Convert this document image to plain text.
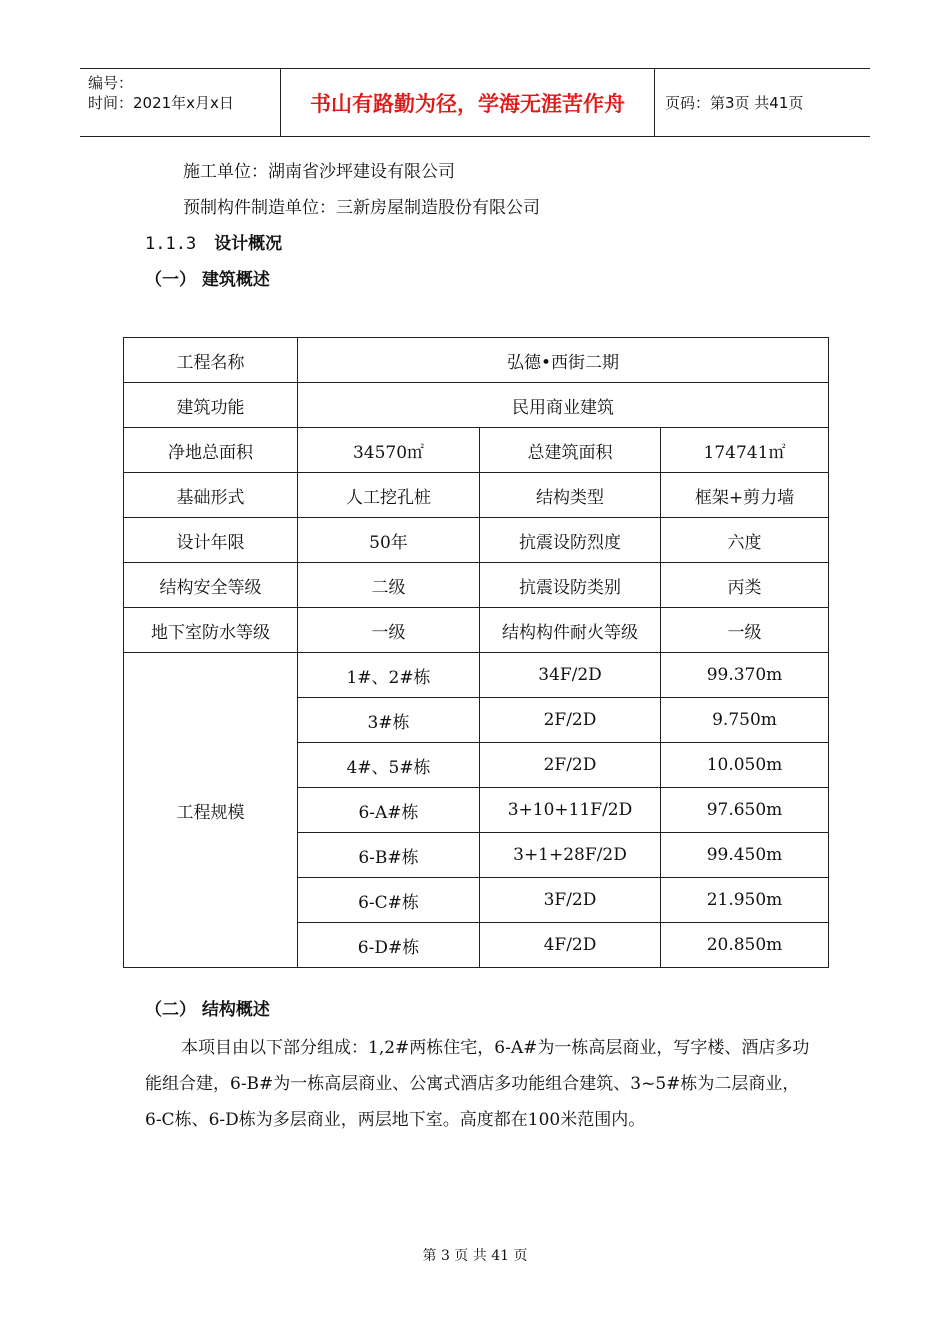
编号：
时间：2021年x月x日	书山有路勤为径，学海无涯苦作舟	页码：第3页 共41页
施工单位：湖南省沙坪建设有限公司
预制构件制造单位：三新房屋制造股份有限公司
1.1.3 设计概况
（一） 建筑概述
工程名称	弘德•西街二期		
建筑功能	民用商业建筑		
净地总面积	34570㎡	总建筑面积	174741㎡
基础形式	人工挖孔桩	结构类型	框架+剪力墙
设计年限	50年	抗震设防烈度	六度
结构安全等级	二级	抗震设防类别	丙类
地下室防水等级	一级	结构构件耐火等级	一级
工程规模	1#、2#栋	34F/2D	99.370m
	3#栋	2F/2D	9.750m
	4#、5#栋	2F/2D	10.050m
	6-A#栋	3+10+11F/2D	97.650m
	6-B#栋	3+1+28F/2D	99.450m
	6-C#栋	3F/2D	21.950m
	6-D#栋	4F/2D	20.850m
（二） 结构概述

本项目由以下部分组成：1,2#两栋住宅，6-A#为一栋高层商业，写字楼、酒店多功能组合建，6-B#为一栋高层商业、公寓式酒店多功能组合建筑、3~5#栋为二层商业，6-C栋、6-D栋为多层商业，两层地下室。高度都在100米范围内。

第 3 页 共 41 页
